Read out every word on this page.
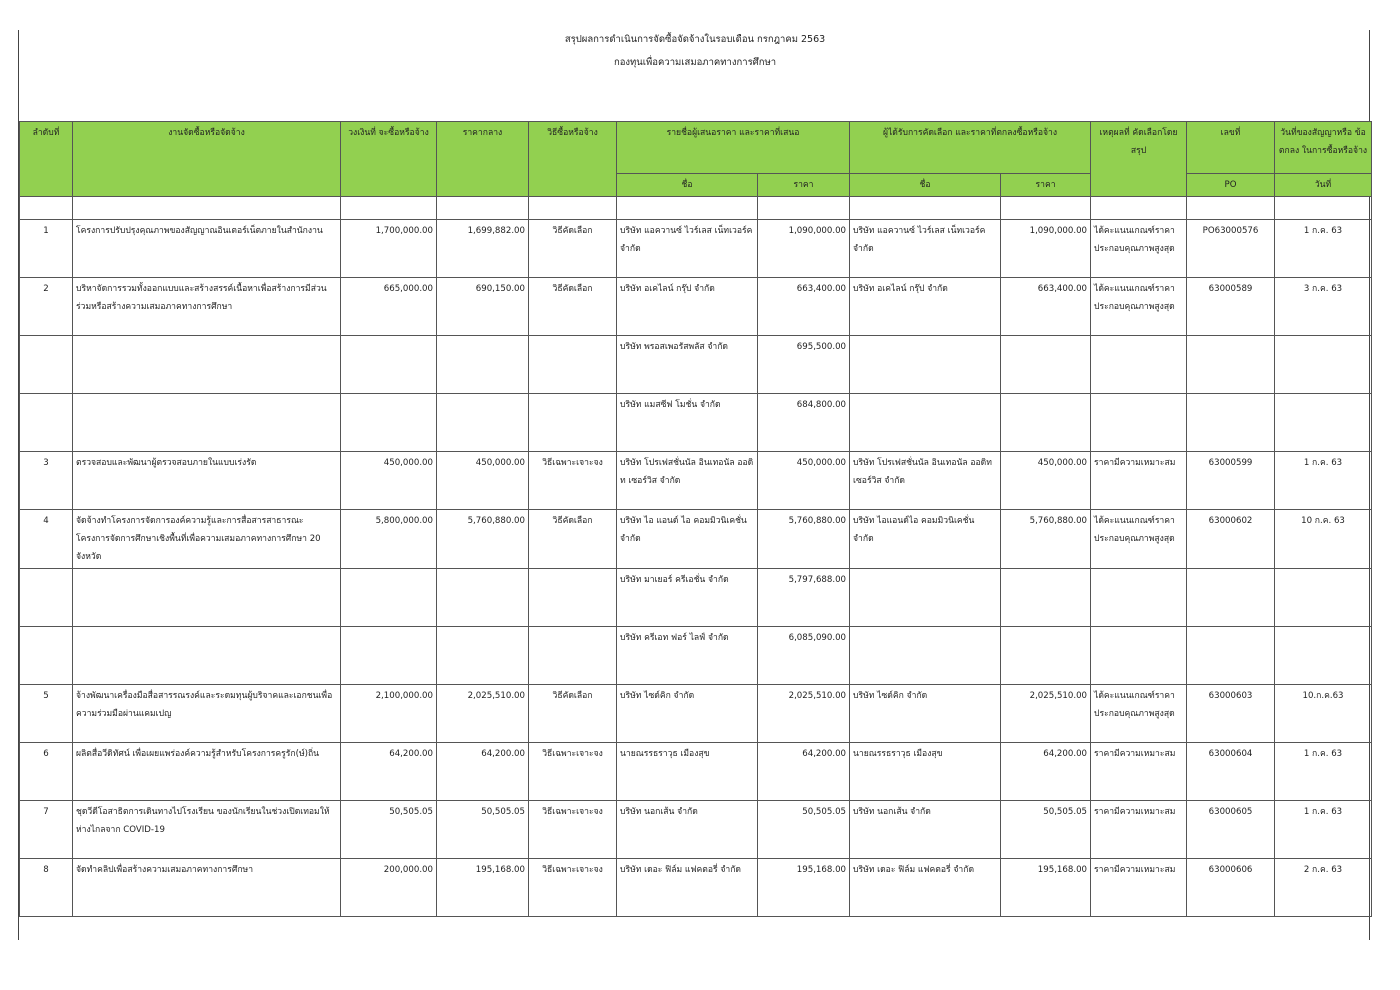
สรุปผลการดำเนินการจัดซื้อจัดจ้างในรอบเดือน กรกฎาคม 2563
กองทุนเพื่อความเสมอภาคทางการศึกษา
ลำดับที่	งานจัดซื้อหรือจัดจ้าง	วงเงินที่ จะซื้อหรือจ้าง	ราคากลาง	วิธีซื้อหรือจ้าง	รายชื่อผู้เสนอราคา และราคาที่เสนอ		ผู้ได้รับการคัดเลือก และราคาที่ตกลงซื้อหรือจ้าง		เหตุผลที่ คัดเลือกโดยสรุป	เลขที่	วันที่ของสัญญาหรือ ข้อตกลง ในการซื้อหรือจ้าง
					ชื่อ	ราคา	ชื่อ	ราคา		PO	วันที่

1	โครงการปรับปรุงคุณภาพของสัญญาณอินเตอร์เน็ตภายในสำนักงาน	1,700,000.00	1,699,882.00	วิธีคัดเลือก	บริษัท แอควานซ์ ไวร์เลส เน็ทเวอร์ค จำกัด	1,090,000.00	บริษัท แอควานซ์ ไวร์เลส เน็ทเวอร์ค จำกัด	1,090,000.00	ได้คะแนนเกณฑ์ราคาประกอบคุณภาพสูงสุด	PO63000576	1 ก.ค. 63
2	บริหาจัดการรวมทั้งออกแบบและสร้างสรรค์เนื้อหาเพื่อสร้างการมีส่วนร่วมหรือสร้างความเสมอภาคทางการศึกษา	665,000.00	690,150.00	วิธีคัดเลือก	บริษัท อเคไลน์ กรุ๊ป จำกัด	663,400.00	บริษัท อเคไลน์ กรุ๊ป จำกัด	663,400.00	ได้คะแนนเกณฑ์ราคาประกอบคุณภาพสูงสุด	63000589	3 ก.ค. 63
					บริษัท พรอสเพอรัสพลัส จำกัด	695,500.00					
					บริษัท แมสซีฟ โมชั่น จำกัด	684,800.00					
3	ตรวจสอบและพัฒนาผู้ตรวจสอบภายในแบบเร่งรัด	450,000.00	450,000.00	วิธีเฉพาะเจาะจง	บริษัท โปรเฟสชั่นนัล อินเทอนัล ออดิท เซอร์วิส จำกัด	450,000.00	บริษัท โปรเฟสชั่นนัล อินเทอนัล ออดิท เซอร์วิส จำกัด	450,000.00	ราคามีความเหมาะสม	63000599	1 ก.ค. 63
4	จัดจ้างทำโครงการจัดการองค์ความรู้และการสื่อสารสาธารณะโครงการจัดการศึกษาเชิงพื้นที่เพื่อความเสมอภาคทางการศึกษา 20 จังหวัด	5,800,000.00	5,760,880.00	วิธีคัดเลือก	บริษัท ไอ แอนด์ ไอ คอมมิวนิเคชั่น จำกัด	5,760,880.00	บริษัท ไอแอนด์ไอ คอมมิวนิเคชั่น จำกัด	5,760,880.00	ได้คะแนนเกณฑ์ราคาประกอบคุณภาพสูงสุด	63000602	10 ก.ค. 63
					บริษัท มาเยอร์ ครีเอชั่น จำกัด	5,797,688.00					
					บริษัท ครีเอท ฟอร์ ไลฟ์ จำกัด	6,085,090.00					
5	จ้างพัฒนาเครื่องมือสื่อสารรณรงค์และระดมทุนผู้บริจาคและเอกชนเพื่อความร่วมมือผ่านแคมเปญ	2,100,000.00	2,025,510.00	วิธีคัดเลือก	บริษัท ไซด์คิก จำกัด	2,025,510.00	บริษัท ไซด์คิก จำกัด	2,025,510.00	ได้คะแนนเกณฑ์ราคาประกอบคุณภาพสูงสุด	63000603	10.ก.ค.63
6	ผลิตสื่อวีดิทัศน์ เพื่อเผยแพร่องค์ความรู้สำหรับโครงการครูรัก(ษ์)ถิ่น	64,200.00	64,200.00	วิธีเฉพาะเจาะจง	นายณรรธราวุธ เมืองสุข	64,200.00	นายณรรธราวุธ เมืองสุข	64,200.00	ราคามีความเหมาะสม	63000604	1 ก.ค. 63
7	ชุดวีดีโอสาธิตการเดินทางไปโรงเรียน ของนักเรียนในช่วงเปิดเทอมให้ห่างไกลจาก COVID-19	50,505.05	50,505.05	วิธีเฉพาะเจาะจง	บริษัท นอกเส้น จำกัด	50,505.05	บริษัท นอกเส้น จำกัด	50,505.05	ราคามีความเหมาะสม	63000605	1 ก.ค. 63
8	จัดทำคลิปเพื่อสร้างความเสมอภาคทางการศึกษา	200,000.00	195,168.00	วิธีเฉพาะเจาะจง	บริษัท เดอะ ฟิล์ม แฟคตอรี่ จำกัด	195,168.00	บริษัท เดอะ ฟิล์ม แฟคตอรี่ จำกัด	195,168.00	ราคามีความเหมาะสม	63000606	2 ก.ค. 63
